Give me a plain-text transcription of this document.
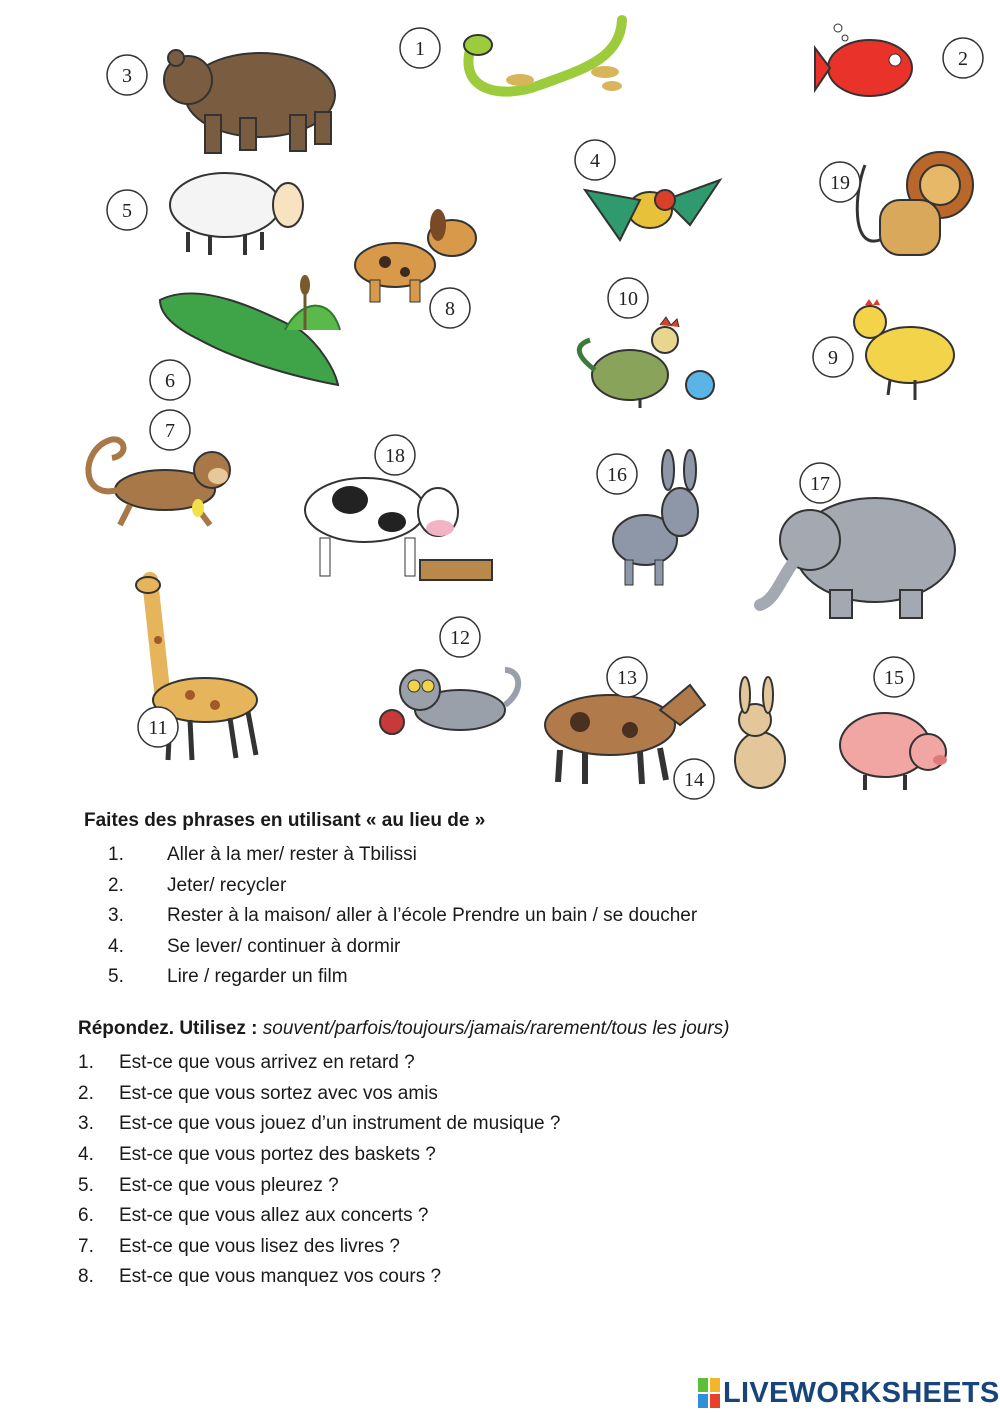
1	2
3
4
5
6
7
8
9
10
11
12
13
14
15
16	17
18
19
Faites des phrases en utilisant « au lieu de »
1.	Aller à la mer/ rester à Tbilissi
2.	Jeter/ recycler
3.	Rester à la maison/ aller à l’école Prendre un bain / se doucher
4.	Se lever/ continuer à dormir
5.	Lire / regarder un film
Répondez. Utilisez : souvent/parfois/toujours/jamais/rarement/tous les jours)
1.	Est-ce que vous arrivez en retard ?
2.	Est-ce que vous sortez avec vos amis
3.	Est-ce que vous jouez d’un instrument de musique ?
4.	Est-ce que vous portez des baskets ?
5.	Est-ce que vous pleurez ?
6.	Est-ce que vous allez aux concerts ?
7.	Est-ce que vous lisez des livres ?
8.	Est-ce que vous manquez vos cours ?
LIVEWORKSHEETS
